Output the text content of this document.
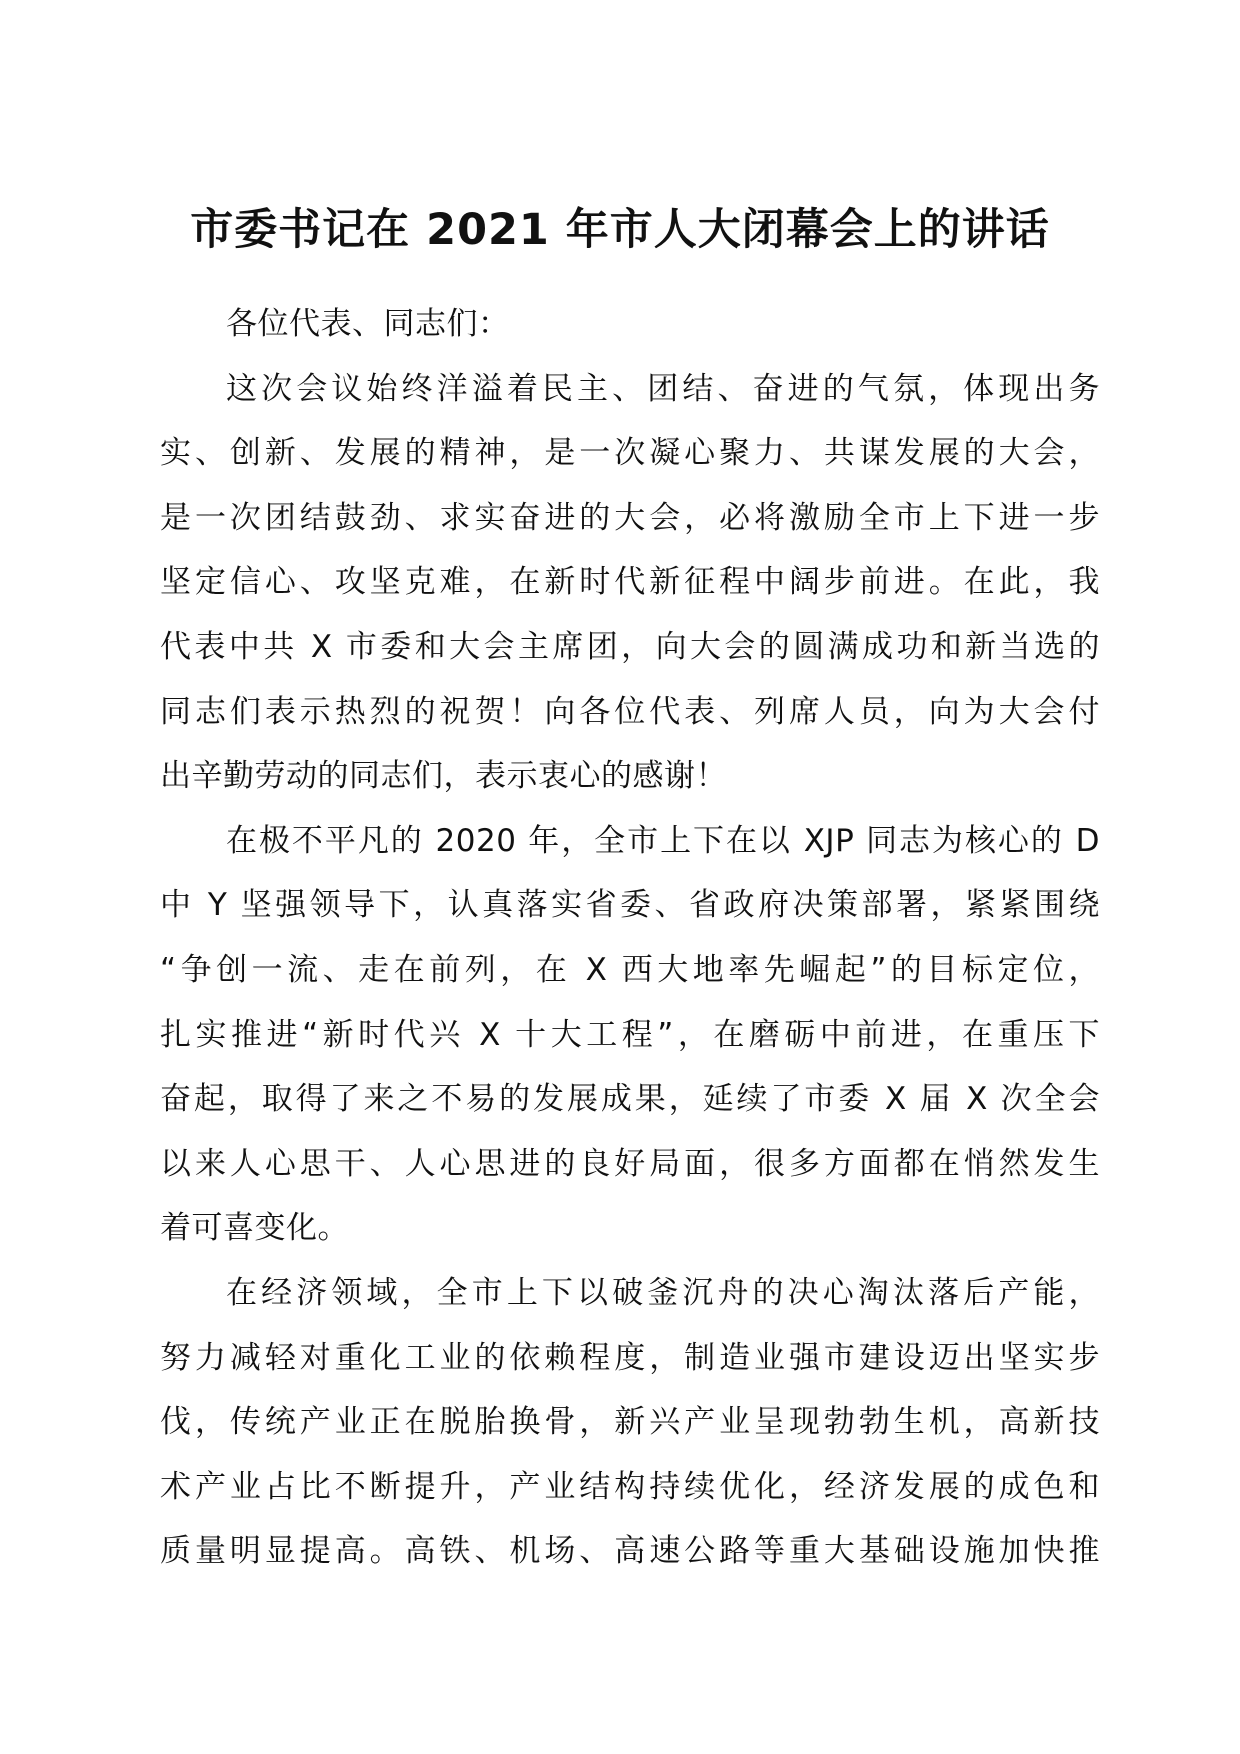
市委书记在 2021 年市人大闭幕会上的讲话
各位代表、同志们：
这次会议始终洋溢着民主、团结、奋进的气氛，体现出务
实、创新、发展的精神，是一次凝心聚力、共谋发展的大会，
是一次团结鼓劲、求实奋进的大会，必将激励全市上下进一步
坚定信心、攻坚克难，在新时代新征程中阔步前进。在此，我
代表中共 X 市委和大会主席团，向大会的圆满成功和新当选的
同志们表示热烈的祝贺！向各位代表、列席人员，向为大会付
出辛勤劳动的同志们，表示衷心的感谢！
在极不平凡的 2020 年，全市上下在以 XJP 同志为核心的 D
中 Y 坚强领导下，认真落实省委、省政府决策部署，紧紧围绕
“争创一流、走在前列，在 X 西大地率先崛起”的目标定位，
扎实推进“新时代兴 X 十大工程”，在磨砺中前进，在重压下
奋起，取得了来之不易的发展成果，延续了市委 X 届 X 次全会
以来人心思干、人心思进的良好局面，很多方面都在悄然发生
着可喜变化。
在经济领域，全市上下以破釜沉舟的决心淘汰落后产能，
努力减轻对重化工业的依赖程度，制造业强市建设迈出坚实步
伐，传统产业正在脱胎换骨，新兴产业呈现勃勃生机，高新技
术产业占比不断提升，产业结构持续优化，经济发展的成色和
质量明显提高。高铁、机场、高速公路等重大基础设施加快推
